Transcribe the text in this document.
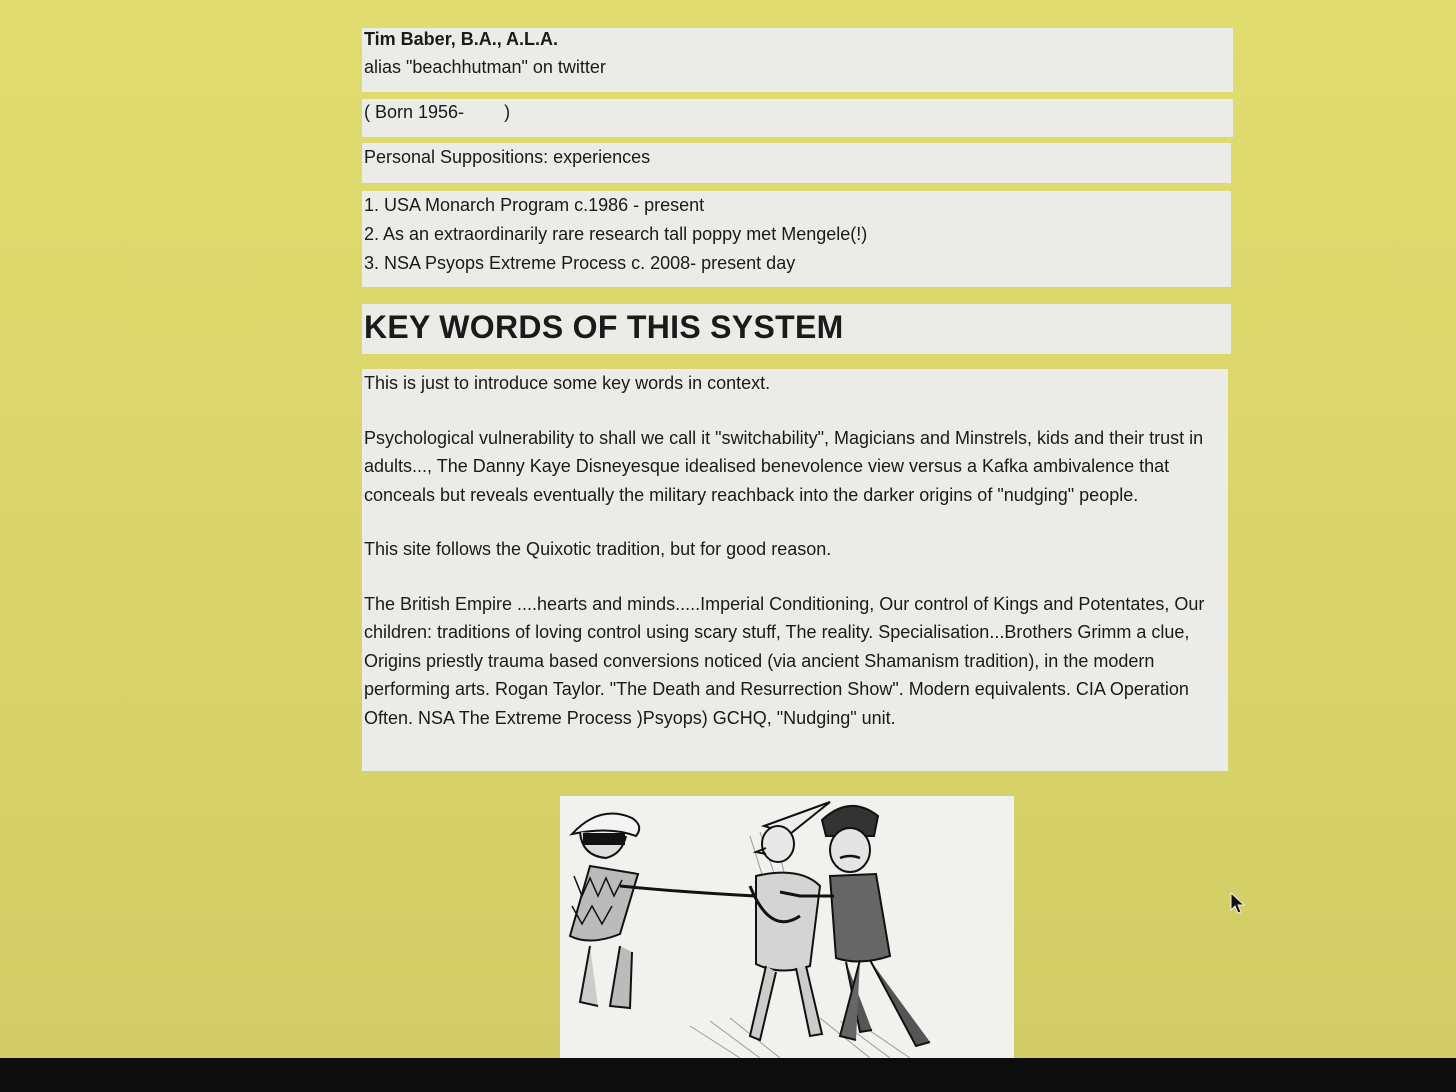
Tim Baber, B.A., A.L.A.

alias "beachhutman" on twitter

( Born 1956-        )

Personal Suppositions: experiences

1. USA Monarch Program c.1986 - present

2. As an extraordinarily rare research tall poppy met Mengele(!)

3. NSA Psyops Extreme Process c. 2008- present day

KEY WORDS OF THIS SYSTEM

This is just to introduce some key words in context.

Psychological vulnerability to shall we call it "switchability", Magicians and Minstrels, kids and their trust in adults..., The Danny Kaye Disneyesque idealised benevolence view versus a Kafka ambivalence that conceals but reveals eventually the military reachback into the darker origins of "nudging" people.

This site follows the Quixotic tradition, but for good reason.

The British Empire ....hearts and minds.....Imperial Conditioning, Our control of Kings and Potentates, Our children: traditions of loving control using scary stuff, The reality. Specialisation...Brothers Grimm a clue, Origins priestly trauma based conversions noticed (via ancient Shamanism tradition), in the modern performing arts. Rogan Taylor. "The Death and Resurrection Show". Modern equivalents. CIA Operation Often. NSA The Extreme Process )Psyops) GCHQ, "Nudging" unit.
